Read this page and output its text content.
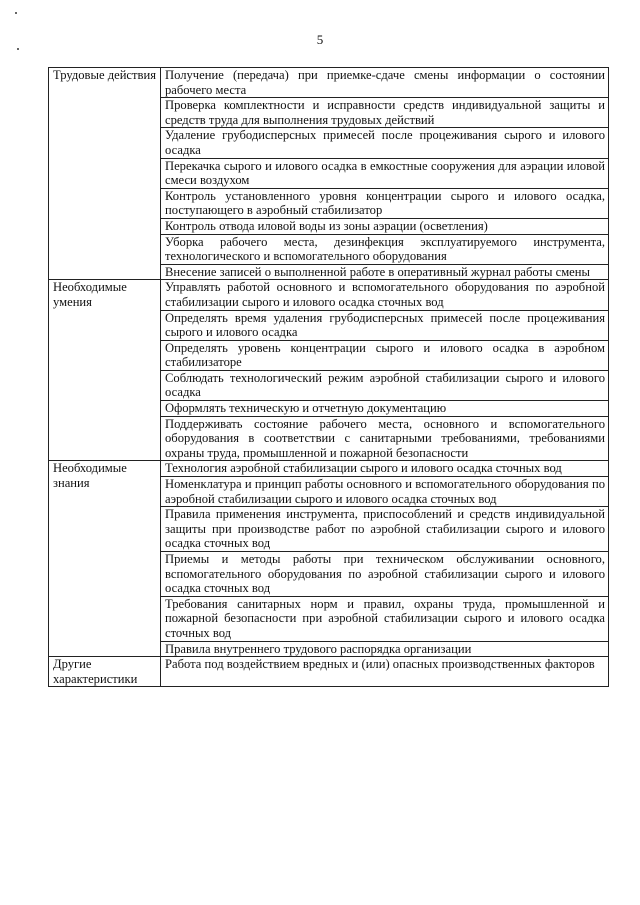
5
Трудовые действия	Получение (передача) при приемке-сдаче смены информации о состоянии рабочего места
	Проверка комплектности и исправности средств индивидуальной защиты и средств труда для выполнения трудовых действий
	Удаление грубодисперсных примесей после процеживания сырого и илового осадка
	Перекачка сырого и илового осадка в емкостные сооружения для аэрации иловой смеси воздухом
	Контроль установленного уровня концентрации сырого и илового осадка, поступающего в аэробный стабилизатор
	Контроль отвода иловой воды из зоны аэрации (осветления)
	Уборка рабочего места, дезинфекция эксплуатируемого инструмента, технологического и вспомогательного оборудования
	Внесение записей о выполненной работе в оперативный журнал работы смены
Необходимые умения	Управлять работой основного и вспомогательного оборудования по аэробной стабилизации сырого и илового осадка сточных вод
	Определять время удаления грубодисперсных примесей после процеживания сырого и илового осадка
	Определять уровень концентрации сырого и илового осадка в аэробном стабилизаторе
	Соблюдать технологический режим аэробной стабилизации сырого и илового осадка
	Оформлять техническую и отчетную документацию
	Поддерживать состояние рабочего места, основного и вспомогательного оборудования в соответствии с санитарными требованиями, требованиями охраны труда, промышленной и пожарной безопасности
Необходимые знания	Технология аэробной стабилизации сырого и илового осадка сточных вод
	Номенклатура и принцип работы основного и вспомогательного оборудования по аэробной стабилизации сырого и илового осадка сточных вод
	Правила применения инструмента, приспособлений и средств индивидуальной защиты при производстве работ по аэробной стабилизации сырого и илового осадка сточных вод
	Приемы и методы работы при техническом обслуживании основного, вспомогательного оборудования по аэробной стабилизации сырого и илового осадка сточных вод
	Требования санитарных норм и правил, охраны труда, промышленной и пожарной безопасности при аэробной стабилизации сырого и илового осадка сточных вод
	Правила внутреннего трудового распорядка организации
Другие характеристики	Работа под воздействием вредных и (или) опасных производственных факторов
